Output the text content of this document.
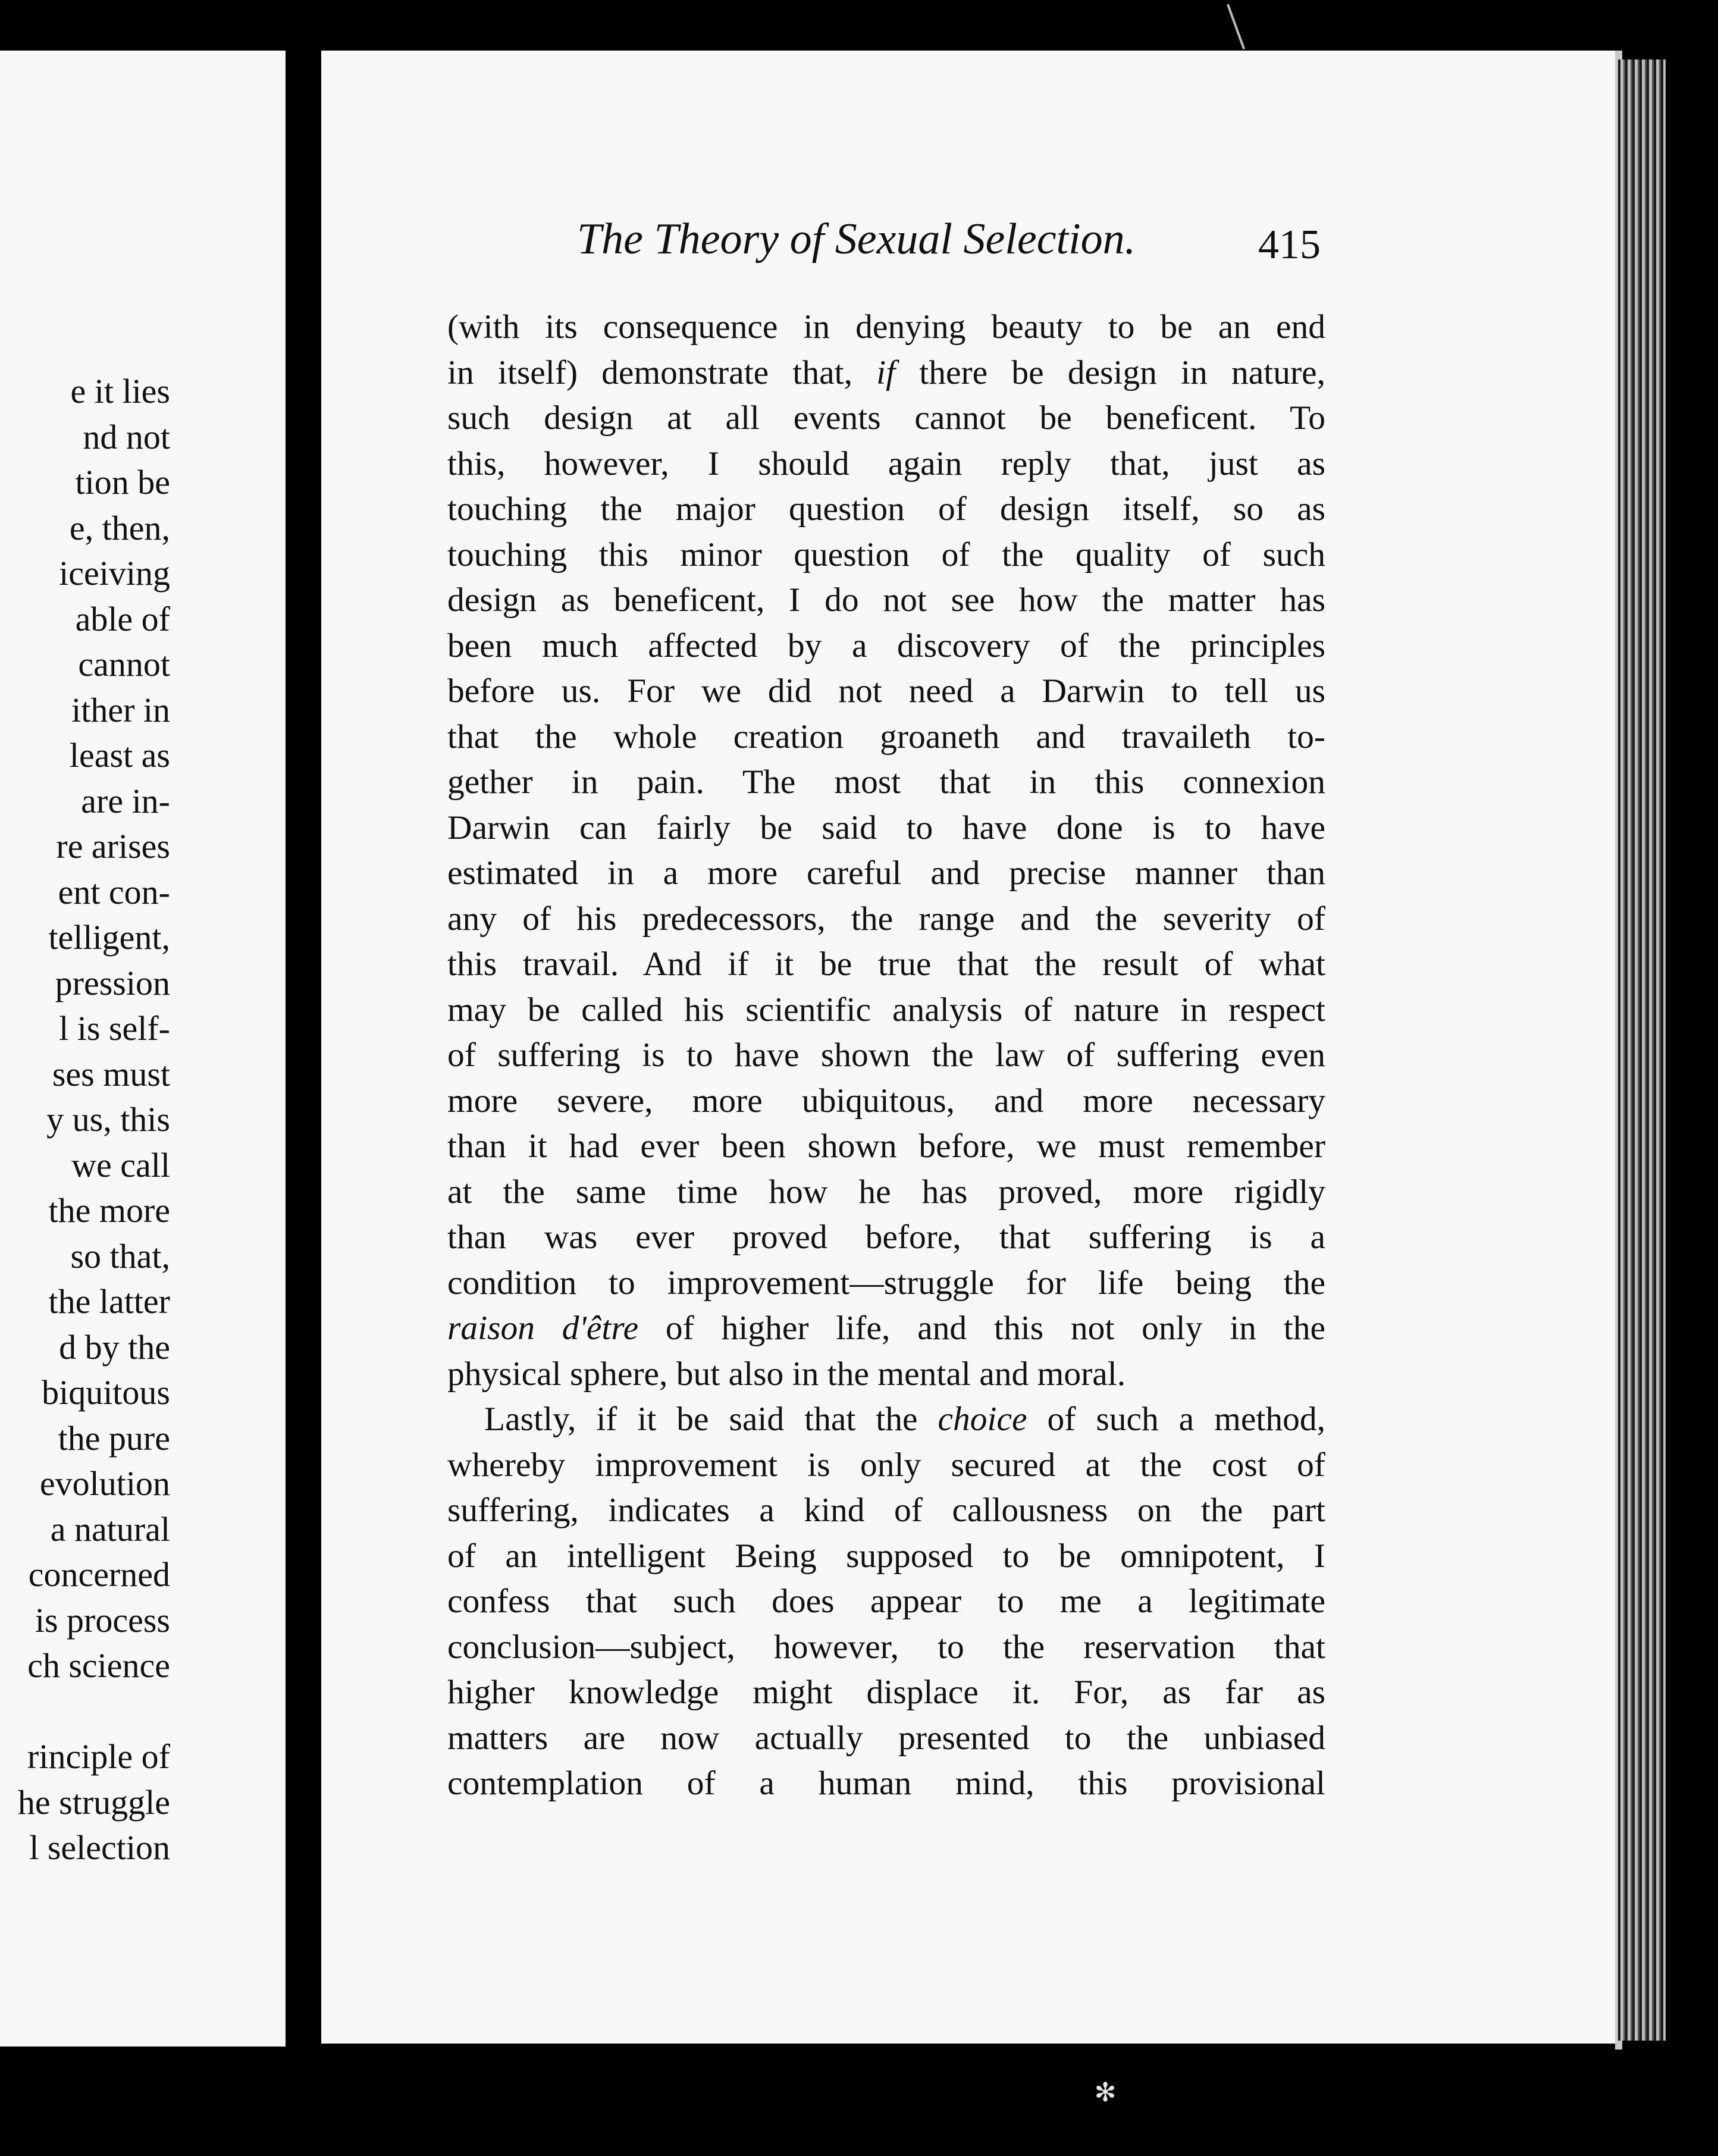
e it lies
nd not
tion be
e, then,
iceiving
able of
cannot
ither in
least as
are in-
re arises
ent con-
telligent,
pression
l is self-
ses must
y us, this
we call
the more
so that,
the latter
d by the
biquitous
the pure
evolution
a natural
concerned
is process
ch science
rinciple of
he struggle
l selection
The Theory of Sexual Selection.	415
(with its consequence in denying beauty to be an end
in itself) demonstrate that, if there be design in nature,
such design at all events cannot be beneficent. To
this, however, I should again reply that, just as
touching the major question of design itself, so as
touching this minor question of the quality of such
design as beneficent, I do not see how the matter has
been much affected by a discovery of the principles
before us. For we did not need a Darwin to tell us
that the whole creation groaneth and travaileth to-
gether in pain. The most that in this connexion
Darwin can fairly be said to have done is to have
estimated in a more careful and precise manner than
any of his predecessors, the range and the severity of
this travail. And if it be true that the result of what
may be called his scientific analysis of nature in respect
of suffering is to have shown the law of suffering even
more severe, more ubiquitous, and more necessary
than it had ever been shown before, we must remember
at the same time how he has proved, more rigidly
than was ever proved before, that suffering is a
condition to improvement—struggle for life being the
raison d'être of higher life, and this not only in the
physical sphere, but also in the mental and moral.
Lastly, if it be said that the choice of such a method,
whereby improvement is only secured at the cost of
suffering, indicates a kind of callousness on the part
of an intelligent Being supposed to be omnipotent, I
confess that such does appear to me a legitimate
conclusion—subject, however, to the reservation that
higher knowledge might displace it. For, as far as
matters are now actually presented to the unbiased
contemplation of a human mind, this provisional
✻
